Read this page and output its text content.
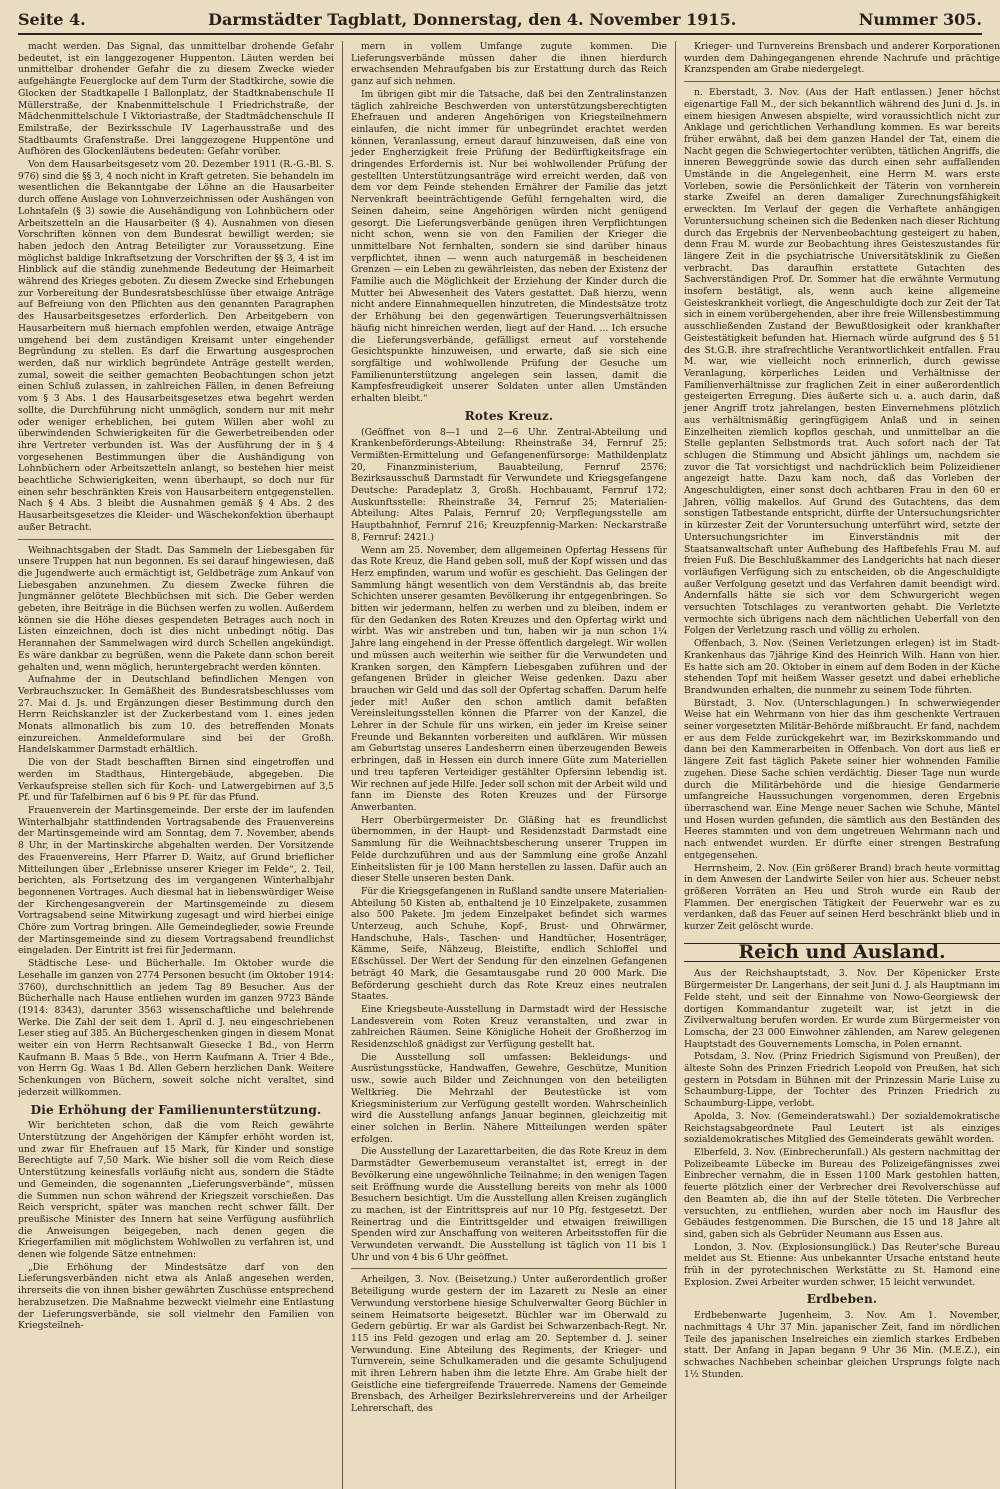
Seite 4.	Darmstädter Tagblatt, Donnerstag, den 4. November 1915.	Nummer 305.

macht werden. Das Signal, das unmittelbar drohende Gefahr bedeutet, ist ein langgezogener Huppenton. Läuten werden bei unmittelbar drohender Gefahr die zu diesem Zwecke wieder aufgehängte Feuerglocke auf dem Turm der Stadtkirche, sowie die Glocken der Stadtkapelle I Ballonplatz, der Stadtknabenschule II Müllerstraße, der Knabenmittelschule I Friedrichstraße, der Mädchenmittelschule I Viktoriastraße, der Stadtmädchenschule II Emilstraße, der Bezirksschule IV Lagerhausstraße und des Stadtbaumts Grafenstraße. Drei langgezogene Huppentöne und Aufhören des Glockenläutens bedeuten: Gefahr vorüber.

Von dem Hausarbeitsgesetz vom 20. Dezember 1911 (R.-G.-Bl. S. 976) sind die §§ 3, 4 noch nicht in Kraft getreten. Sie behandeln im wesentlichen die Bekanntgabe der Löhne an die Hausarbeiter durch offene Auslage von Lohnverzeichnissen oder Aushängen von Lohntafeln (§ 3) sowie die Ausehändigung von Lohnbüchern oder Arbeitszetteln an die Hausarbeiter (§ 4). Ausnahmen von diesen Vorschriften können von dem Bundesrat bewilligt werden; sie haben jedoch den Antrag Beteiligter zur Voraussetzung. Eine möglichst baldige Inkraftsetzung der Vorschriften der §§ 3, 4 ist im Hinblick auf die ständig zunehmende Bedeutung der Heimarbeit während des Krieges geboten. Zu diesem Zwecke sind Erhebungen zur Vorbereitung der Bundesratsbeschlüsse über etwaige Anträge auf Befreiung von den Pflichten aus den genannten Paragraphen des Hausarbeitsgesetzes erforderlich. Den Arbeitgebern von Hausarbeitern muß hiernach empfohlen werden, etwaige Anträge umgehend bei dem zuständigen Kreisamt unter eingehender Begründung zu stellen. Es darf die Erwartung ausgesprochen werden, daß nur wirklich begründete Anträge gestellt werden, zumal, soweit die seither gemachten Beobachtungen schon jetzt einen Schluß zulassen, in zahlreichen Fällen, in denen Befreiung vom § 3 Abs. 1 des Hausarbeitsgesetzes etwa begehrt werden sollte, die Durchführung nicht unmöglich, sondern nur mit mehr oder weniger erheblichen, bei gutem Willen aber wohl zu überwindenden Schwierigkeiten für die Gewerbetreibenden oder ihre Vertreter verbunden ist. Was der Ausführung der in § 4 vorgesehenen Bestimmungen über die Aushändigung von Lohnbüchern oder Arbeitszetteln anlangt, so bestehen hier meist beachtliche Schwierigkeiten, wenn überhaupt, so doch nur für einen sehr beschränkten Kreis von Hausarbeitern entgegenstellen. Nach § 4 Abs. 3 bleibt die Ausnahmen gemäß § 4 Abs. 2 des Hausarbeitsgesetzes die Kleider- und Wäschekonfektion überhaupt außer Betracht.

Weihnachtsgaben der Stadt. Das Sammeln der Liebesgaben für unsere Truppen hat nun begonnen. Es sei darauf hingewiesen, daß die Jugendwerte auch ermächtigt ist, Geldbeträge zum Ankauf von Liebesgaben anzunehmen. Zu diesem Zwecke führen die Jungmänner gelötete Blechbüchsen mit sich. Die Geber werden gebeten, ihre Beiträge in die Büchsen werfen zu wollen. Außerdem können sie die Höhe dieses gespendeten Betrages auch noch in Listen einzeichnen, doch ist dies nicht unbedingt nötig. Das Herannahen der Sammelwagen wird durch Schellen angekündigt. Es wäre dankbar zu begrüßen, wenn die Pakete dann schon bereit gehalten und, wenn möglich, heruntergebracht werden könnten.

Aufnahme der in Deutschland befindlichen Mengen von Verbrauchszucker. In Gemäßheit des Bundesratsbeschlusses vom 27. Mai d. Js. und Ergänzungen dieser Bestimmung durch den Herrn Reichskanzler ist der Zuckerbestand vom 1. eines jeden Monats allmonatlich bis zum 10. des betreffenden Monats einzureichen. Anmeldeformulare sind bei der Großh. Handelskammer Darmstadt erhältlich.

Die von der Stadt beschafften Birnen sind eingetroffen und werden im Stadthaus, Hintergebäude, abgegeben. Die Verkaufspreise stellen sich für Koch- und Latwergebirnen auf 3,5 Pf. und für Tafelbirnen auf 6 bis 9 Pf. für das Pfund.

Frauenverein der Martinsgemeinde. Der erste der im laufenden Winterhalbjahr stattfindenden Vortragsabende des Frauenvereins der Martinsgemeinde wird am Sonntag, dem 7. November, abends 8 Uhr, in der Martinskirche abgehalten werden. Der Vorsitzende des Frauenvereins, Herr Pfarrer D. Waitz, auf Grund brieflicher Mitteilungen über „Erlebnisse unserer Krieger im Felde“, 2. Teil, berichten, als Fortsetzung des im vergangenen Winterhalbjahr begonnenen Vortrages. Auch diesmal hat in liebenswürdiger Weise der Kirchengesangverein der Martinsgemeinde zu diesem Vortragsabend seine Mitwirkung zugesagt und wird hierbei einige Chöre zum Vortrag bringen. Alle Gemeindeglieder, sowie Freunde der Martinsgemeinde sind zu diesem Vortragsabend freundlichst eingeladen. Der Eintritt ist frei für Jedermann.

Städtische Lese- und Bücherhalle. Im Oktober wurde die Lesehalle im ganzen von 2774 Personen besucht (im Oktober 1914: 3760), durchschnittlich an jedem Tag 89 Besucher. Aus der Bücherhalle nach Hause entliehen wurden im ganzen 9723 Bände (1914: 8343), darunter 3563 wissenschaftliche und belehrende Werke. Die Zahl der seit dem 1. April d. J. neu eingeschriebenen Leser stieg auf 385. An Büchergeschenken gingen in diesem Monat weiter ein von Herrn Rechtsanwalt Giesecke 1 Bd., von Herrn Kaufmann B. Maas 5 Bde., von Herrn Kaufmann A. Trier 4 Bde., von Herrn Gg. Waas 1 Bd. Allen Gebern herzlichen Dank. Weitere Schenkungen von Büchern, soweit solche nicht veraltet, sind jederzeit willkommen.

Die Erhöhung der Familienunterstützung.

Wir berichteten schon, daß die vom Reich gewährte Unterstützung der Angehörigen der Kämpfer erhöht worden ist, und zwar für Ehefrauen auf 15 Mark, für Kinder und sonstige Berechtigte auf 7,50 Mark. Wie bisher soll die vom Reich diese Unterstützung keinesfalls vorläufig nicht aus, sondern die Städte und Gemeinden, die sogenannten „Lieferungsverbände“, müssen die Summen nun schon während der Kriegszeit vorschießen. Das Reich verspricht, später was manchen recht schwer fällt. Der preußische Minister des Innern hat seine Verfügung ausführlich die Anweisungen beigegeben, nach denen gegen die Kriegerfamilien mit möglichstem Wohlwollen zu verfahren ist, und denen wie folgende Sätze entnehmen:

„Die Erhöhung der Mindestsätze darf von den Lieferungsverbänden nicht etwa als Anlaß angesehen werden, ihrerseits die von ihnen bisher gewährten Zuschüsse entsprechend herabzusetzen. Die Maßnahme bezweckt vielmehr eine Entlastung der Lieferungsverbände, sie soll vielmehr den Familien von Kriegsteilneh-

mern in vollem Umfange zugute kommen. Die Lieferungsverbände müssen daher die ihnen hierdurch erwachsenden Mehraufgaben bis zur Erstattung durch das Reich ganz auf sich nehmen.

Im übrigen gibt mir die Tatsache, daß bei den Zentralinstanzen täglich zahlreiche Beschwerden von unterstützungsberechtigten Ehefrauen und anderen Angehörigen von Kriegsteilnehmern einlaufen, die nicht immer für unbegründet erachtet werden können, Veranlassung, erneut darauf hinzuweisen, daß eine von jeder Engherzigkeit freie Prüfung der Bedürftigkeitsfrage ein dringendes Erfordernis ist. Nur bei wohlwollender Prüfung der gestellten Unterstützungsanträge wird erreicht werden, daß von dem vor dem Feinde stehenden Ernährer der Familie das jetzt Nervenkraft beeinträchtigende Gefühl ferngehalten wird, die Seinen daheim, seine Angehörigen würden nicht genügend gesorgt. Die Lieferungsverbände genügen ihren Verpflichtungen nicht schon, wenn sie von den Familien der Krieger die unmittelbare Not fernhalten, sondern sie sind darüber hinaus verpflichtet, ihnen — wenn auch naturgemäß in bescheidenen Grenzen — ein Leben zu gewährleisten, das neben der Existenz der Familie auch die Möglichkeit der Erziehung der Kinder durch die Mutter bei Abwesenheit des Vaters gestattet. Daß hierzu, wenn nicht andere Einnahmequellen hinzutreten, die Mindestsätze trotz der Erhöhung bei den gegenwärtigen Teuerungsverhältnissen häufig nicht hinreichen werden, liegt auf der Hand. ... Ich ersuche die Lieferungsverbände, gefälligst erneut auf vorstehende Gesichtspunkte hinzuweisen, und erwarte, daß sie sich eine sorgfältige und wohlwollende Prüfung der Gesuche um Familienunterstützung angelegen sein lassen, damit die Kampfesfreudigkeit unserer Soldaten unter allen Umständen erhalten bleibt.“

Rotes Kreuz.

(Geöffnet von 8—1 und 2—6 Uhr. Zentral-Abteilung und Krankenbeförderungs-Abteilung: Rheinstraße 34, Fernruf 25; Vermißten-Ermittelung und Gefangenenfürsorge: Mathildenplatz 20, Finanzministerium, Bauabteilung, Fernruf 2576; Bezirksausschuß Darmstadt für Verwundete und Kriegsgefangene Deutsche: Paradeplatz 3, Großh. Hochbauamt, Fernruf 172; Auskunftsstelle: Rheinstraße 34, Fernruf 25; Materialien-Abteilung: Altes Palais, Fernruf 20; Verpflegungsstelle am Hauptbahnhof, Fernruf 216; Kreuzpfennig-Marken: Neckarstraße 8, Fernruf: 2421.)

Wenn am 25. November, dem allgemeinen Opfertag Hessens für das Rote Kreuz, die Hand geben soll, muß der Kopf wissen und das Herz empfinden, warum und wofür es geschieht. Das Gelingen der Sammlung hängt wesentlich von dem Verständnis ab, das breite Schichten unserer gesamten Bevölkerung ihr entgegenbringen. So bitten wir jedermann, helfen zu werben und zu bleiben, indem er für den Gedanken des Roten Kreuzes und den Opfertag wirkt und wirbt. Was wir anstreben und tun, haben wir ja nun schon 1¼ Jahre lang eingehend in der Presse öffentlich dargelegt. Wir wollen und müssen auch weiterhin wie seither für die Verwundeten und Kranken sorgen, den Kämpfern Liebesgaben zuführen und der gefangenen Brüder in gleicher Weise gedenken. Dazu aber brauchen wir Geld und das soll der Opfertag schaffen. Darum helfe jeder mit! Außer den schon amtlich damit befaßten Vereinsleitungsstellen können die Pfarrer von der Kanzel, die Lehrer in der Schule für uns wirken, ein jeder im Kreise seiner Freunde und Bekannten vorbereiten und aufklären. Wir müssen am Geburtstag unseres Landesherrn einen überzeugenden Beweis erbringen, daß in Hessen ein durch innere Güte zum Materiellen und treu tapferen Verteidiger gestählter Opfersinn lebendig ist. Wir rechnen auf jede Hilfe. Jeder soll schon mit der Arbeit wild und fann im Dienste des Roten Kreuzes und der Fürsorge Anwerbanten.

Herr Oberbürgermeister Dr. Gläßing hat es freundlichst übernommen, in der Haupt- und Residenzstadt Darmstadt eine Sammlung für die Weihnachtsbescherung unserer Truppen im Felde durchzuführen und aus der Sammlung eine große Anzahl Einheitslisten für je 100 Mann herstellen zu lassen. Dafür auch an dieser Stelle unseren besten Dank.

Für die Kriegsgefangenen in Rußland sandte unsere Materialien-Abteilung 50 Kisten ab, enthaltend je 10 Einzelpakete, zusammen also 500 Pakete. Jm jedem Einzelpaket befindet sich warmes Unterzeug, auch Schuhe, Kopf-, Brust- und Ohrwärmer, Handschuhe, Hals-, Taschen- und Handtücher, Hosenträger, Kämme, Seife, Nähzeug, Bleistifte, endlich Schloffel und Eßschüssel. Der Wert der Sendung für den einzelnen Gefangenen beträgt 40 Mark, die Gesamtausgabe rund 20 000 Mark. Die Beförderung geschieht durch das Rote Kreuz eines neutralen Staates.

Eine Kriegsbeute-Ausstellung in Darmstadt wird der Hessische Landesverein vom Roten Kreuz veranstalten, und zwar in zahlreichen Räumen. Seine Königliche Hoheit der Großherzog im Residenzschloß gnädigst zur Verfügung gestellt hat.

Die Ausstellung soll umfassen: Bekleidungs- und Ausrüstungsstücke, Handwaffen, Gewehre, Geschütze, Munition usw., sowie auch Bilder und Zeichnungen von den beteiligten Weltkrieg. Die Mehrzahl der Beutestücke ist vom Kriegsministerium zur Verfügung gestellt worden. Wahrscheinlich wird die Ausstellung anfangs Januar beginnen, gleichzeitig mit einer solchen in Berlin. Nähere Mitteilungen werden später erfolgen.

Die Ausstellung der Lazarettarbeiten, die das Rote Kreuz in dem Darmstädter Gewerbemuseum veranstaltet ist, erregt in der Bevölkerung eine ungewöhnliche Teilnahme; in den wenigen Tagen seit Eröffnung wurde die Ausstellung bereits von mehr als 1000 Besuchern besichtigt. Um die Ausstellung allen Kreisen zugänglich zu machen, ist der Eintrittspreis auf nur 10 Pfg. festgesetzt. Der Reinertrag und die Eintrittsgelder und etwaigen freiwilligen Spenden wird zur Anschaffung von weiteren Arbeitsstoffen für die Verwundeten verwandt. Die Ausstellung ist täglich von 11 bis 1 Uhr und von 4 bis 6 Uhr geöffnet.

Arheilgen, 3. Nov. (Beisetzung.) Unter außerordentlich großer Beteiligung wurde gestern der im Lazarett zu Nesle an einer Verwundung verstorbene hiesige Schulverwalter Georg Büchler in seinem Heimatsorte beigesetzt. Büchler war im Oberwald zu Gedern gebürtig. Er war als Gardist bei Schwarzenbach-Regt. Nr. 115 ins Feld gezogen und erlag am 20. September d. J. seiner Verwundung. Eine Abteilung des Regiments, der Krieger- und Turnverein, seine Schulkameraden und die gesamte Schuljugend mit ihren Lehrern haben ihm die letzte Ehre. Am Grabe hielt der Geistliche eine tiefergreifende Trauerrede. Namens der Gemeinde Brensbach, des Arheilger Bezirkslehrervereins und der Arheilger Lehrerschaft, des

Krieger- und Turnvereins Brensbach und anderer Korporationen wurden dem Dahingegangenen ehrende Nachrufe und prächtige Kranzspenden am Grabe niedergelegt.

n. Eberstadt, 3. Nov. (Aus der Haft entlassen.) Jener höchst eigenartige Fall M., der sich bekanntlich während des Juni d. Js. in einem hiesigen Anwesen abspielte, wird voraussichtlich nicht zur Anklage und gerichtlichen Verhandlung kommen. Es war bereits früher erwähnt, daß bei dem ganzen Handel der Tat, einem die Nacht gegen die Schwiegertochter verübten, tätlichen Angriffs, die inneren Beweggründe sowie das durch einen sehr auffallenden Umstände in die Angelegenheit, eine Herrn M. wars erste Vorleben, sowie die Persönlichkeit der Täterin von vornherein starke Zweifel an deren damaliger Zurechnungsfähigkeit erweckten. Im Verlauf der gegen die Verhaftete anhängigen Voruntersuchung scheinen sich die Bedenken nach dieser Richtung durch das Ergebnis der Nervenbeobachtung gesteigert zu haben, denn Frau M. wurde zur Beobachtung ihres Geisteszustandes für längere Zeit in die psychiatrische Universitätsklinik zu Gießen verbracht. Das daraufhin erstattete Gutachten des Sachverständigen Prof. Dr. Sommer hat die erwähnte Vermutung insofern bestätigt, als, wenn auch keine allgemeine Geisteskrankheit vorliegt, die Angeschuldigte doch zur Zeit der Tat sich in einem vorübergehenden, aber ihre freie Willensbestimmung ausschließenden Zustand der Bewußtlosigkeit oder krankhafter Geistestätigkeit befunden hat. Hiernach würde aufgrund des § 51 des St.G.B. ihre strafrechtliche Verantwortlichkeit entfallen. Frau M. war, wie vielleicht noch erinnerlich, durch gewisse Veranlagung, körperliches Leiden und Verhältnisse der Familienverhältnisse zur fraglichen Zeit in einer außerordentlich gesteigerten Erregung. Dies äußerte sich u. a. auch darin, daß jener Angriff trotz jahrelangen, besten Einvernehmens plötzlich aus verhältnismäßig geringfügigem Anlaß und in seinen Einzelheiten ziemlich kopflos geschah, und unmittelbar an die Stelle geplanten Selbstmords trat. Auch sofort nach der Tat schlugen die Stimmung und Absicht jählings um, nachdem sie zuvor die Tat vorsichtigst und nachdrücklich beim Polizeidiener angezeigt hatte. Dazu kam noch, daß das Vorleben der Angeschuldigten, einer sonst doch achtbaren Frau in den 60 er Jahren, völlig makellos. Auf Grund des Gutachtens, das dem sonstigen Tatbestande entspricht, dürfte der Untersuchungsrichter in kürzester Zeit der Voruntersuchung unterführt wird, setzte der Untersuchungsrichter im Einverständnis mit der Staatsanwaltschaft unter Aufhebung des Haftbefehls Frau M. auf freien Fuß. Die Beschlußkammer des Landgerichts hat nach dieser vorläufigen Verfügung sich zu entscheiden, ob die Angeschuldigte außer Verfolgung gesetzt und das Verfahren damit beendigt wird. Andernfalls hätte sie sich vor dem Schwurgericht wegen versuchten Totschlages zu verantworten gehabt. Die Verletzte vermochte sich übrigens nach dem nächtlichen Ueberfall von den Folgen der Verletzung rasch und völlig zu erholen.

Offenbach, 3. Nov. (Seinen Verletzungen erlegen) ist im Stadt-Krankenhaus das 7jährige Kind des Heinrich Wilh. Hann von hier. Es hatte sich am 20. Oktober in einem auf dem Boden in der Küche stehenden Topf mit heißem Wasser gesetzt und dabei erhebliche Brandwunden erhalten, die nunmehr zu seinem Tode führten.

Bürstadt, 3. Nov. (Unterschlagungen.) In schwerwiegender Weise hat ein Wehrmann von hier das ihm geschenkte Vertrauen seiner vorgesetzten Militär-Behörde mißbraucht. Er fand, nachdem er aus dem Felde zurückgekehrt war, im Bezirkskommando und dann bei den Kammerarbeiten in Offenbach. Von dort aus ließ er längere Zeit fast täglich Pakete seiner hier wohnenden Familie zugehen. Diese Sache schien verdächtig. Dieser Tage nun wurde durch die Militärbehörde und die hiesige Gendarmerie umfangreiche Haussuchungen vorgenommen, deren Ergebnis überraschend war. Eine Menge neuer Sachen wie Schuhe, Mäntel und Hosen wurden gefunden, die sämtlich aus den Beständen des Heeres stammten und von dem ungetreuen Wehrmann nach und nach entwendet wurden. Er dürfte einer strengen Bestrafung entgegensehen.

Herrnsheim, 2. Nov. (Ein größerer Brand) brach heute vormittag in dem Anwesen der Landwirte Seiler von hier aus. Scheuer nebst größeren Vorräten an Heu und Stroh wurde ein Raub der Flammen. Der energischen Tätigkeit der Feuerwehr war es zu verdanken, daß das Feuer auf seinen Herd beschränkt blieb und in kurzer Zeit gelöscht wurde.

Reich und Ausland.

Aus der Reichshauptstadt, 3. Nov. Der Köpenicker Erste Bürgermeister Dr. Langerhans, der seit Juni d. J. als Hauptmann im Felde steht, und seit der Einnahme von Nowo-Georgiewsk der dortigen Kommandantur zugeteilt war, ist jetzt in die Zivilverwaltung berufen worden. Er wurde zum Bürgermeister von Lomscha, der 23 000 Einwohner zählenden, am Narew gelegenen Hauptstadt des Gouvernements Lomscha, in Polen ernannt.

Potsdam, 3. Nov. (Prinz Friedrich Sigismund von Preußen), der älteste Sohn des Prinzen Friedrich Leopold von Preußen, hat sich gestern in Potsdam in Bühnen mit der Prinzessin Marie Luise zu Schaumburg-Lippe, der Tochter des Prinzen Friedrich zu Schaumburg-Lippe, verlobt.

Apolda, 3. Nov. (Gemeinderatswahl.) Der sozialdemokratische Reichstagsabgeordnete Paul Leutert ist als einziges sozialdemokratisches Mitglied des Gemeinderats gewählt worden.

Elberfeld, 3. Nov. (Einbrecherunfall.) Als gestern nachmittag der Polizeibeamte Lübecke im Bureau des Polizeigefängnisses zwei Einbrecher vernahm, die in Essen 1100 Mark gestohlen hatten, feuerte plötzlich einer der Verbrecher drei Revolverschüsse auf den Beamten ab, die ihn auf der Stelle töteten. Die Verbrecher versuchten, zu entfliehen, wurden aber noch im Hausflur des Gebäudes festgenommen. Die Burschen, die 15 und 18 Jahre alt sind, gaben sich als Gebrüder Neumann aus Essen aus.

London, 3. Nov. (Explosionsunglück.) Das Reuter'sche Bureau meldet aus St. Etienne: Aus unbekannter Ursache entstand heute früh in der pyrotechnischen Werkstätte zu St. Hamond eine Explosion. Zwei Arbeiter wurden schwer, 15 leicht verwundet.

Erdbeben.

Erdbebenwarte Jugenheim, 3. Nov. Am 1. November, nachmittags 4 Uhr 37 Min. japanischer Zeit, fand im nördlichen Teile des japanischen Inselreiches ein ziemlich starkes Erdbeben statt. Der Anfang in Japan begann 9 Uhr 36 Min. (M.E.Z.), ein schwaches Nachbeben scheinbar gleichen Ursprungs folgte nach 1½ Stunden.
